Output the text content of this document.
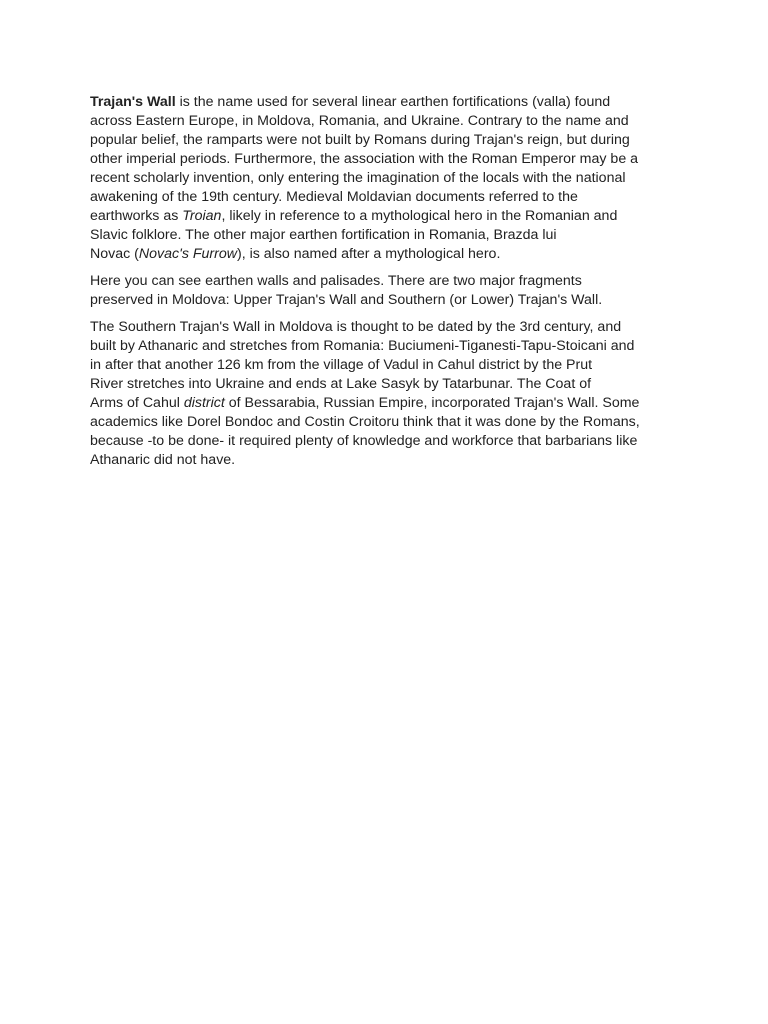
Trajan's Wall is the name used for several linear earthen fortifications (valla) found
across Eastern Europe, in Moldova, Romania, and Ukraine. Contrary to the name and
popular belief, the ramparts were not built by Romans during Trajan's reign, but during
other imperial periods. Furthermore, the association with the Roman Emperor may be a
recent scholarly invention, only entering the imagination of the locals with the national
awakening of the 19th century. Medieval Moldavian documents referred to the
earthworks as Troian, likely in reference to a mythological hero in the Romanian and
Slavic folklore. The other major earthen fortification in Romania, Brazda lui
Novac (Novac's Furrow), is also named after a mythological hero.

Here you can see earthen walls and palisades. There are two major fragments
preserved in Moldova: Upper Trajan's Wall and Southern (or Lower) Trajan's Wall.

The Southern Trajan's Wall in Moldova is thought to be dated by the 3rd century, and
built by Athanaric and stretches from Romania: Buciumeni-Tiganesti-Tapu-Stoicani and
in after that another 126 km from the village of Vadul in Cahul district by the Prut
River stretches into Ukraine and ends at Lake Sasyk by Tatarbunar. The Coat of
Arms of Cahul district of Bessarabia, Russian Empire, incorporated Trajan's Wall. Some
academics like Dorel Bondoc and Costin Croitoru think that it was done by the Romans,
because -to be done- it required plenty of knowledge and workforce that barbarians like
Athanaric did not have.
